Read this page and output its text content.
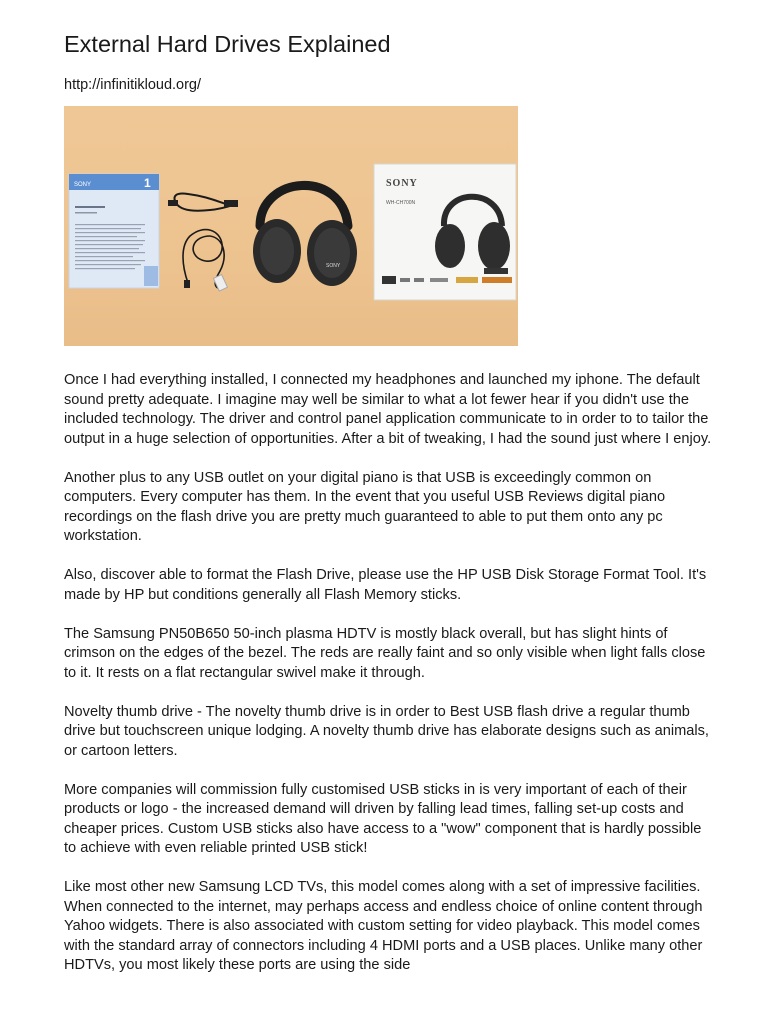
External Hard Drives Explained
http://infinitikloud.org/
1
SONY
SONY
SONY
WH-CH700N

Once I had everything installed, I connected my headphones and launched my iphone. The default sound pretty adequate. I imagine may well be similar to what a lot fewer hear if you didn't use the included technology. The driver and control panel application communicate to in order to to tailor the output in a huge selection of opportunities. After a bit of tweaking, I had the sound just where I enjoy.

Another plus to any USB outlet on your digital piano is that USB is exceedingly common on computers. Every computer has them. In the event that you useful USB Reviews digital piano recordings on the flash drive you are pretty much guaranteed to able to put them onto any pc workstation.

Also, discover able to format the Flash Drive, please use the HP USB Disk Storage Format Tool. It's made by HP but conditions generally all Flash Memory sticks.

The Samsung PN50B650 50-inch plasma HDTV is mostly black overall, but has slight hints of crimson on the edges of the bezel. The reds are really faint and so only visible when light falls close to it. It rests on a flat rectangular swivel make it through.

Novelty thumb drive - The novelty thumb drive is in order to Best USB flash drive a regular thumb drive but touchscreen unique lodging. A novelty thumb drive has elaborate designs such as animals, or cartoon letters.

More companies will commission fully customised USB sticks in is very important of each of their products or logo - the increased demand will driven by falling lead times, falling set-up costs and cheaper prices. Custom USB sticks also have access to a "wow" component that is hardly possible to achieve with even reliable printed USB stick!

Like most other new Samsung LCD TVs, this model comes along with a set of impressive facilities. When connected to the internet, may perhaps access and endless choice of online content through Yahoo widgets. There is also associated with custom setting for video playback. This model comes with the standard array of connectors including 4 HDMI ports and a USB places. Unlike many other HDTVs, you most likely these ports are using the side
